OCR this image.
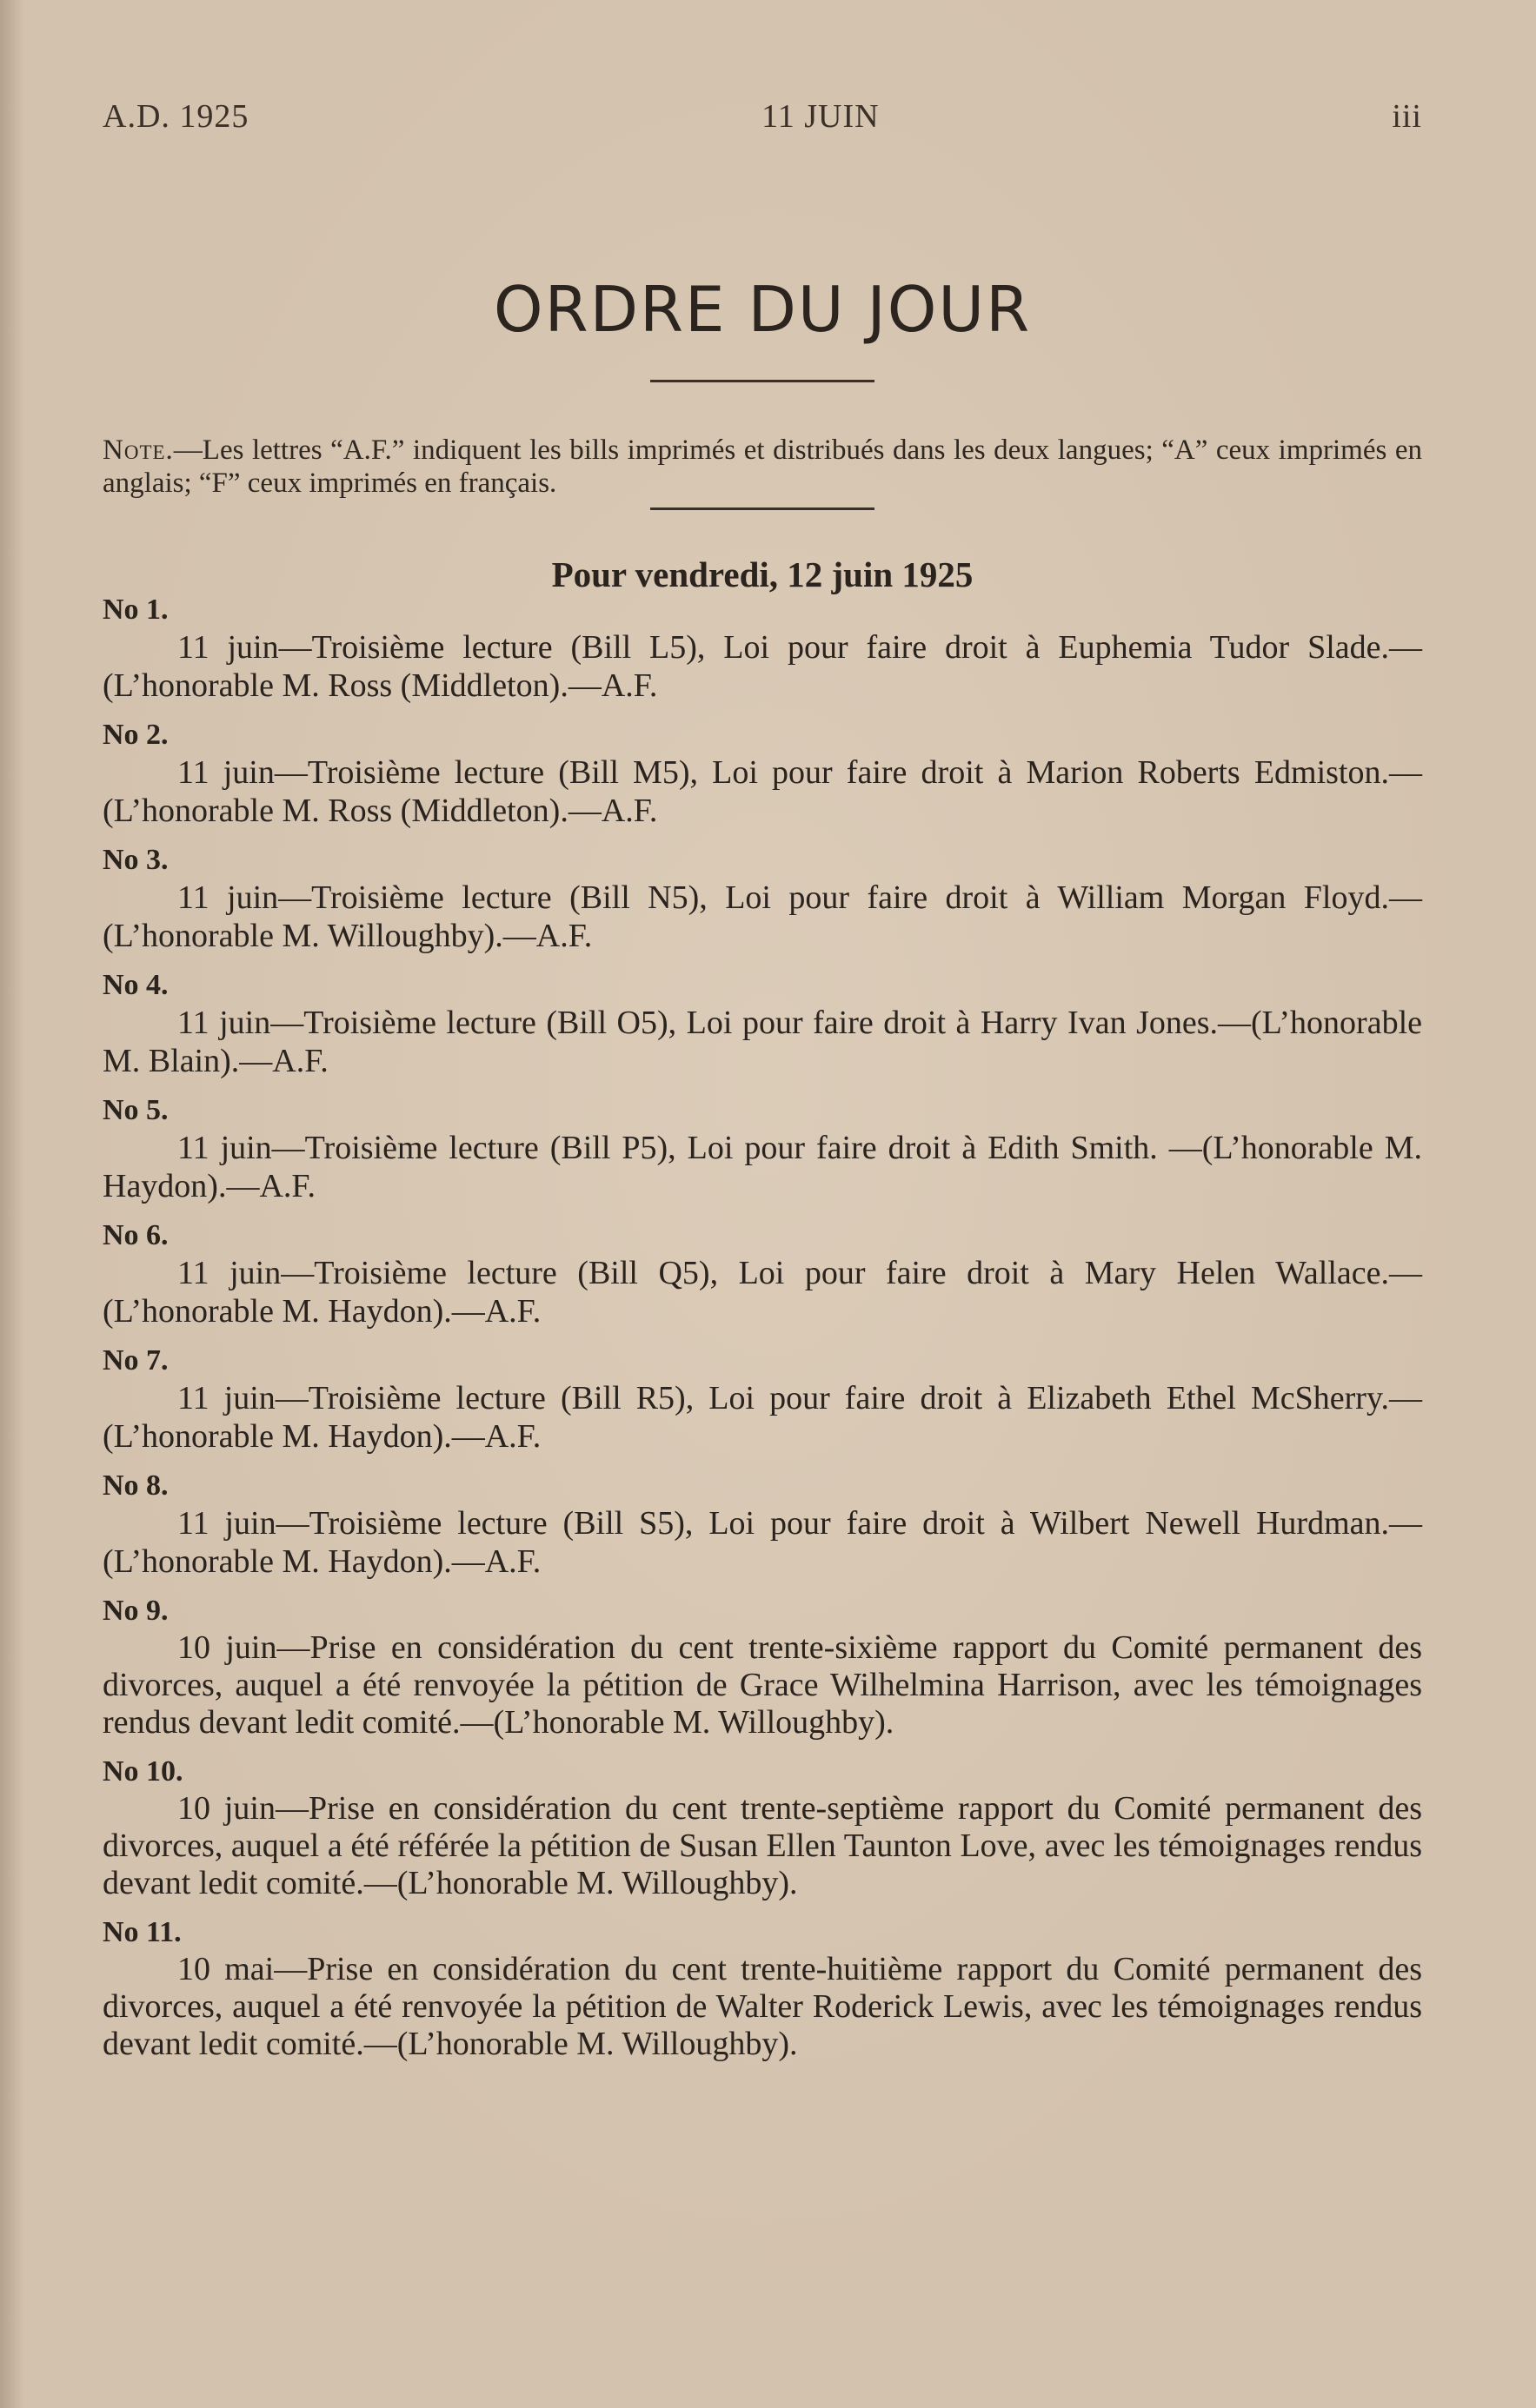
A.D. 1925	11 JUIN	iii
ORDRE DU JOUR

Note.—Les lettres “A.F.” indiquent les bills imprimés et distribués dans les deux langues; “A” ceux imprimés en anglais; “F” ceux imprimés en français.

Pour vendredi, 12 juin 1925
No 1.

11 juin—Troisième lecture (Bill L5), Loi pour faire droit à Euphemia Tudor Slade.—(L’honorable M. Ross (Middleton).—A.F.

No 2.

11 juin—Troisième lecture (Bill M5), Loi pour faire droit à Marion Roberts Edmiston.—(L’honorable M. Ross (Middleton).—A.F.

No 3.

11 juin—Troisième lecture (Bill N5), Loi pour faire droit à William Morgan Floyd.—(L’honorable M. Willoughby).—A.F.

No 4.

11 juin—Troisième lecture (Bill O5), Loi pour faire droit à Harry Ivan Jones.—(L’honorable M. Blain).—A.F.

No 5.

11 juin—Troisième lecture (Bill P5), Loi pour faire droit à Edith Smith. —(L’honorable M. Haydon).—A.F.

No 6.

11 juin—Troisième lecture (Bill Q5), Loi pour faire droit à Mary Helen Wallace.—(L’honorable M. Haydon).—A.F.

No 7.

11 juin—Troisième lecture (Bill R5), Loi pour faire droit à Elizabeth Ethel McSherry.—(L’honorable M. Haydon).—A.F.

No 8.

11 juin—Troisième lecture (Bill S5), Loi pour faire droit à Wilbert Newell Hurdman.—(L’honorable M. Haydon).—A.F.

No 9.

10 juin—Prise en considération du cent trente-sixième rapport du Comité permanent des divorces, auquel a été renvoyée la pétition de Grace Wilhelmina Harrison, avec les témoignages rendus devant ledit comité.—(L’honorable M. Willoughby).

No 10.

10 juin—Prise en considération du cent trente-septième rapport du Comité permanent des divorces, auquel a été référée la pétition de Susan Ellen Taunton Love, avec les témoignages rendus devant ledit comité.—(L’honorable M. Willoughby).

No 11.

10 mai—Prise en considération du cent trente-huitième rapport du Comité permanent des divorces, auquel a été renvoyée la pétition de Walter Roderick Lewis, avec les témoignages rendus devant ledit comité.—(L’honorable M. Willoughby).
